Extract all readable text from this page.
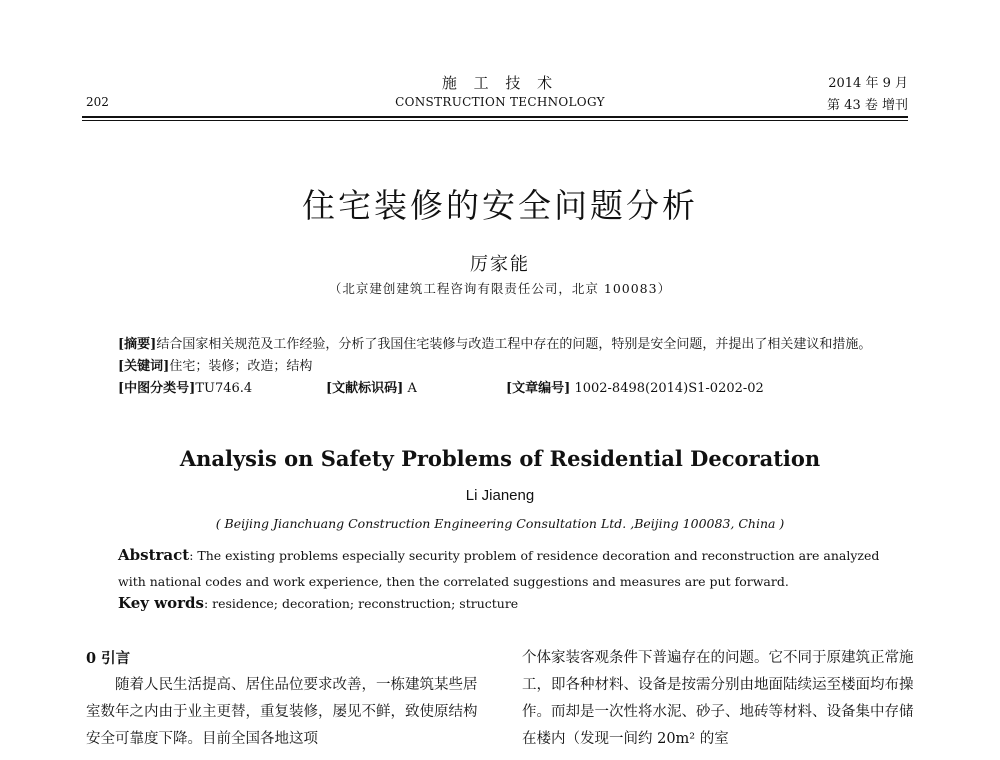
202
施 工 技 术
CONSTRUCTION TECHNOLOGY
2014 年 9 月
第 43 卷 增刊
住宅装修的安全问题分析
厉家能
（北京建创建筑工程咨询有限责任公司，北京 100083）
[摘要]结合国家相关规范及工作经验，分析了我国住宅装修与改造工程中存在的问题，特别是安全问题，并提出了相关建议和措施。
[关键词]住宅；装修；改造；结构
[中图分类号]TU746.4	[文献标识码] A	[文章编号] 1002-8498(2014)S1-0202-02
Analysis on Safety Problems of Residential Decoration
Li Jianeng
( Beijing Jianchuang Construction Engineering Consultation Ltd. ,Beijing 100083, China )
Abstract: The existing problems especially security problem of residence decoration and reconstruction are analyzed with national codes and work experience, then the correlated suggestions and measures are put forward.
Key words: residence; decoration; reconstruction; structure

0 引言

随着人民生活提高、居住品位要求改善，一栋建筑某些居室数年之内由于业主更替，重复装修，屡见不鲜，致使原结构安全可靠度下降。目前全国各地这项

个体家装客观条件下普遍存在的问题。它不同于原建筑正常施工，即各种材料、设备是按需分别由地面陆续运至楼面均布操作。而却是一次性将水泥、砂子、地砖等材料、设备集中存储在楼内（发现一间约 20m² 的室
